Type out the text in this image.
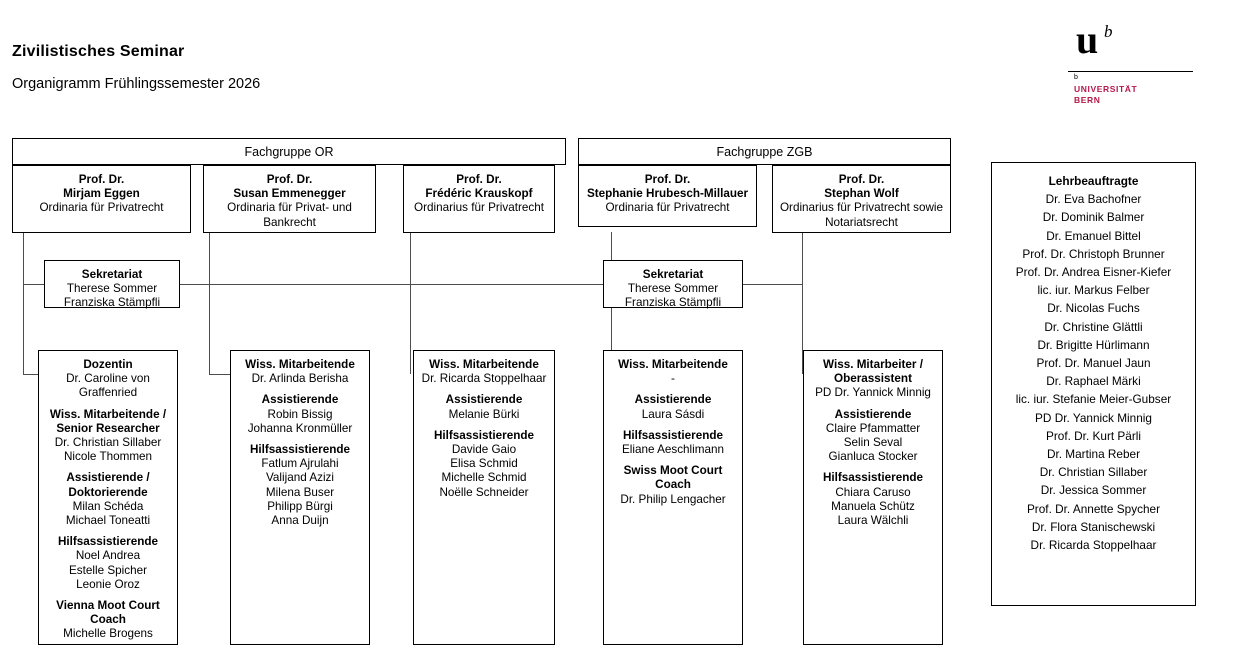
Zivilistisches Seminar
Organigramm Frühlingssemester 2026
u b
b
UNIVERSITÄT
BERN
Fachgruppe OR
Prof. Dr.
Mirjam Eggen
Ordinaria für Privatrecht
Prof. Dr.
Susan Emmenegger
Ordinaria für Privat- und
Bankrecht
Prof. Dr.
Frédéric Krauskopf
Ordinarius für Privatrecht
Sekretariat
Therese Sommer
Franziska Stämpfli
Dozentin
Dr. Caroline von
Graffenried
Wiss. Mitarbeitende /
Senior Researcher
Dr. Christian Sillaber
Nicole Thommen
Assistierende /
Doktorierende
Milan Schéda
Michael Toneatti
Hilfsassistierende
Noel Andrea
Estelle Spicher
Leonie Oroz
Vienna Moot Court
Coach
Michelle Brogens
Wiss. Mitarbeitende
Dr. Arlinda Berisha
Assistierende
Robin Bissig
Johanna Kronmüller
Hilfsassistierende
Fatlum Ajrulahi
Valijand Azizi
Milena Buser
Philipp Bürgi
Anna Duijn
Wiss. Mitarbeitende
Dr. Ricarda Stoppelhaar
Assistierende
Melanie Bürki
Hilfsassistierende
Davide Gaio
Elisa Schmid
Michelle Schmid
Noëlle Schneider
Fachgruppe ZGB
Prof. Dr.
Stephanie Hrubesch-Millauer
Ordinaria für Privatrecht
Prof. Dr.
Stephan Wolf
Ordinarius für Privatrecht sowie
Notariatsrecht
Sekretariat
Therese Sommer
Franziska Stämpfli
Wiss. Mitarbeitende
-
Assistierende
Laura Sásdi
Hilfsassistierende
Eliane Aeschlimann
Swiss Moot Court
Coach
Dr. Philip Lengacher
Wiss. Mitarbeiter /
Oberassistent
PD Dr. Yannick Minnig
Assistierende
Claire Pfammatter
Selin Seval
Gianluca Stocker
Hilfsassistierende
Chiara Caruso
Manuela Schütz
Laura Wälchli
Lehrbeauftragte
Dr. Eva Bachofner
Dr. Dominik Balmer
Dr. Emanuel Bittel
Prof. Dr. Christoph Brunner
Prof. Dr. Andrea Eisner-Kiefer
lic. iur. Markus Felber
Dr. Nicolas Fuchs
Dr. Christine Glättli
Dr. Brigitte Hürlimann
Prof. Dr. Manuel Jaun
Dr. Raphael Märki
lic. iur. Stefanie Meier-Gubser
PD Dr. Yannick Minnig
Prof. Dr. Kurt Pärli
Dr. Martina Reber
Dr. Christian Sillaber
Dr. Jessica Sommer
Prof. Dr. Annette Spycher
Dr. Flora Stanischewski
Dr. Ricarda Stoppelhaar
